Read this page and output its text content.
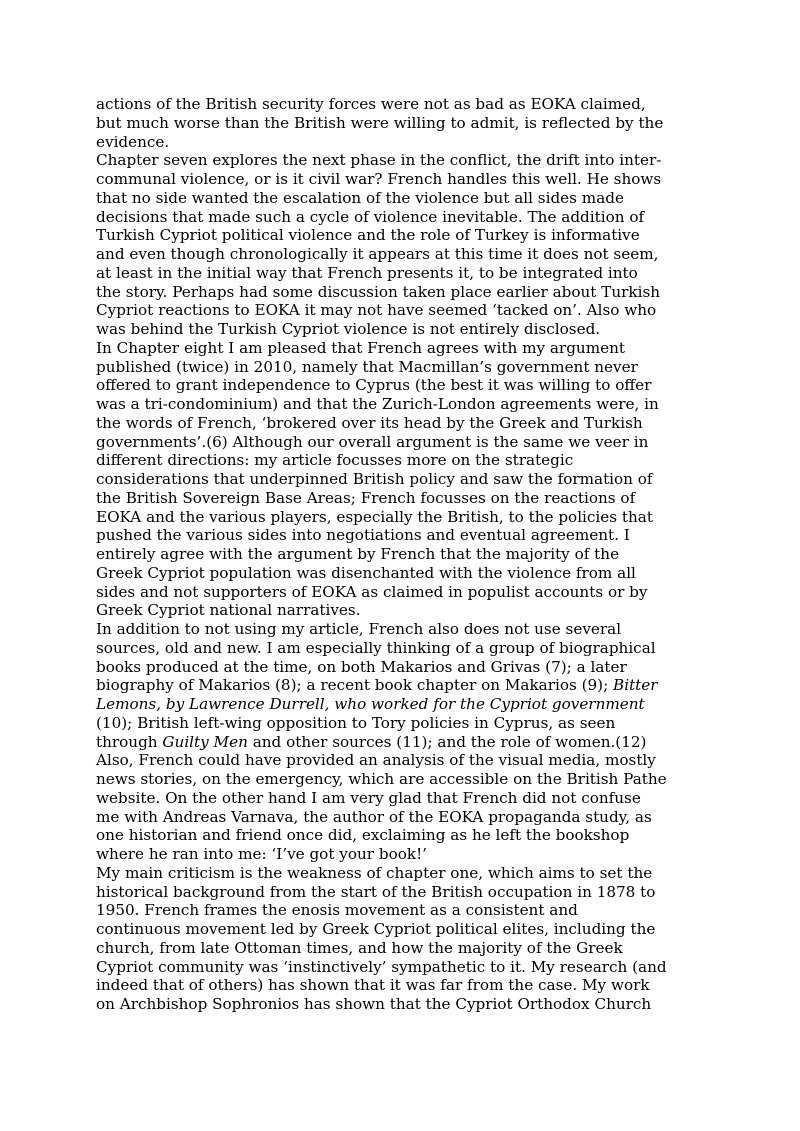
actions of the British security forces were not as bad as EOKA claimed,
but much worse than the British were willing to admit, is reflected by the
evidence.
Chapter seven explores the next phase in the conflict, the drift into inter-
communal violence, or is it civil war? French handles this well. He shows
that no side wanted the escalation of the violence but all sides made
decisions that made such a cycle of violence inevitable. The addition of
Turkish Cypriot political violence and the role of Turkey is informative
and even though chronologically it appears at this time it does not seem,
at least in the initial way that French presents it, to be integrated into
the story. Perhaps had some discussion taken place earlier about Turkish
Cypriot reactions to EOKA it may not have seemed ‘tacked on’. Also who
was behind the Turkish Cypriot violence is not entirely disclosed.
In Chapter eight I am pleased that French agrees with my argument
published (twice) in 2010, namely that Macmillan’s government never
offered to grant independence to Cyprus (the best it was willing to offer
was a tri-condominium) and that the Zurich-London agreements were, in
the words of French, ‘brokered over its head by the Greek and Turkish
governments’.(6) Although our overall argument is the same we veer in
different directions: my article focusses more on the strategic
considerations that underpinned British policy and saw the formation of
the British Sovereign Base Areas; French focusses on the reactions of
EOKA and the various players, especially the British, to the policies that
pushed the various sides into negotiations and eventual agreement. I
entirely agree with the argument by French that the majority of the
Greek Cypriot population was disenchanted with the violence from all
sides and not supporters of EOKA as claimed in populist accounts or by
Greek Cypriot national narratives.
In addition to not using my article, French also does not use several
sources, old and new. I am especially thinking of a group of biographical
books produced at the time, on both Makarios and Grivas (7); a later
biography of Makarios (8); a recent book chapter on Makarios (9); Bitter
Lemons, by Lawrence Durrell, who worked for the Cypriot government
(10); British left-wing opposition to Tory policies in Cyprus, as seen
through Guilty Men and other sources (11); and the role of women.(12)
Also, French could have provided an analysis of the visual media, mostly
news stories, on the emergency, which are accessible on the British Pathe
website. On the other hand I am very glad that French did not confuse
me with Andreas Varnava, the author of the EOKA propaganda study, as
one historian and friend once did, exclaiming as he left the bookshop
where he ran into me: ‘I’ve got your book!’
My main criticism is the weakness of chapter one, which aims to set the
historical background from the start of the British occupation in 1878 to
1950. French frames the enosis movement as a consistent and
continuous movement led by Greek Cypriot political elites, including the
church, from late Ottoman times, and how the majority of the Greek
Cypriot community was ‘instinctively’ sympathetic to it. My research (and
indeed that of others) has shown that it was far from the case. My work
on Archbishop Sophronios has shown that the Cypriot Orthodox Church
